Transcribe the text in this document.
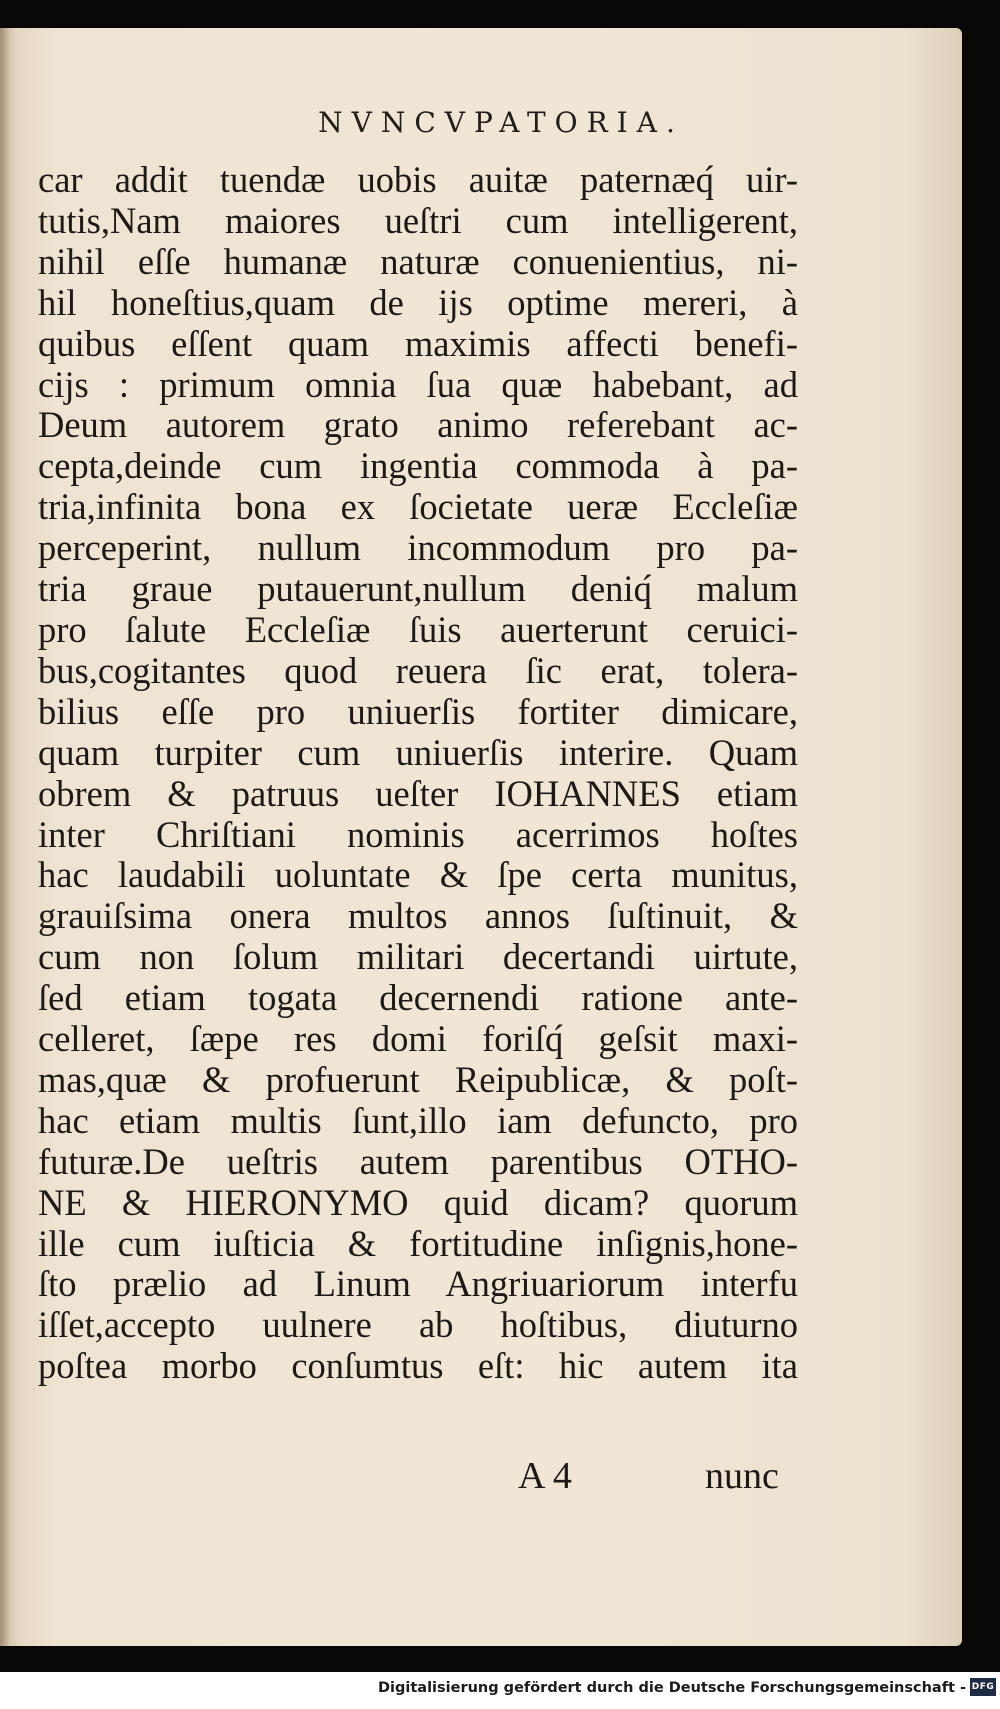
NVNCVPATORIA.
car addit tuendæ uobis auitæ paternæq́ uir-
tutis,Nam maiores ueſtri cum intelligerent,
nihil eſſe humanæ naturæ conuenientius, ni-
hil honeſtius,quam de ijs optime mereri, à
quibus eſſent quam maximis affecti benefi-
cijs : primum omnia ſua quæ habebant, ad
Deum autorem grato animo referebant ac-
cepta,deinde cum ingentia commoda à pa-
tria,infinita bona ex ſocietate ueræ Eccleſiæ
perceperint, nullum incommodum pro pa-
tria graue putauerunt,nullum deniq́ malum
pro ſalute Eccleſiæ ſuis auerterunt ceruici-
bus,cogitantes quod reuera ſic erat, tolera-
bilius eſſe pro uniuerſis fortiter dimicare,
quam turpiter cum uniuerſis interire. Quam
obrem & patruus ueſter IOHANNES etiam
inter Chriſtiani nominis acerrimos hoſtes
hac laudabili uoluntate & ſpe certa munitus,
grauiſsima onera multos annos ſuſtinuit, &
cum non ſolum militari decertandi uirtute,
ſed etiam togata decernendi ratione ante-
celleret, ſæpe res domi foriſq́ geſsit maxi-
mas,quæ & profuerunt Reipublicæ, & poſt-
hac etiam multis ſunt,illo iam defuncto, pro
futuræ.De ueſtris autem parentibus OTHO-
NE & HIERONYMO quid dicam? quorum
ille cum iuſticia & fortitudine inſignis,hone-
ſto prælio ad Linum Angriuariorum interfu
iſſet,accepto uulnere ab hoſtibus, diuturno
poſtea morbo conſumtus eſt: hic autem ita
A 4	nunc
Digitalisierung gefördert durch die Deutsche Forschungsgemeinschaft - DFG
